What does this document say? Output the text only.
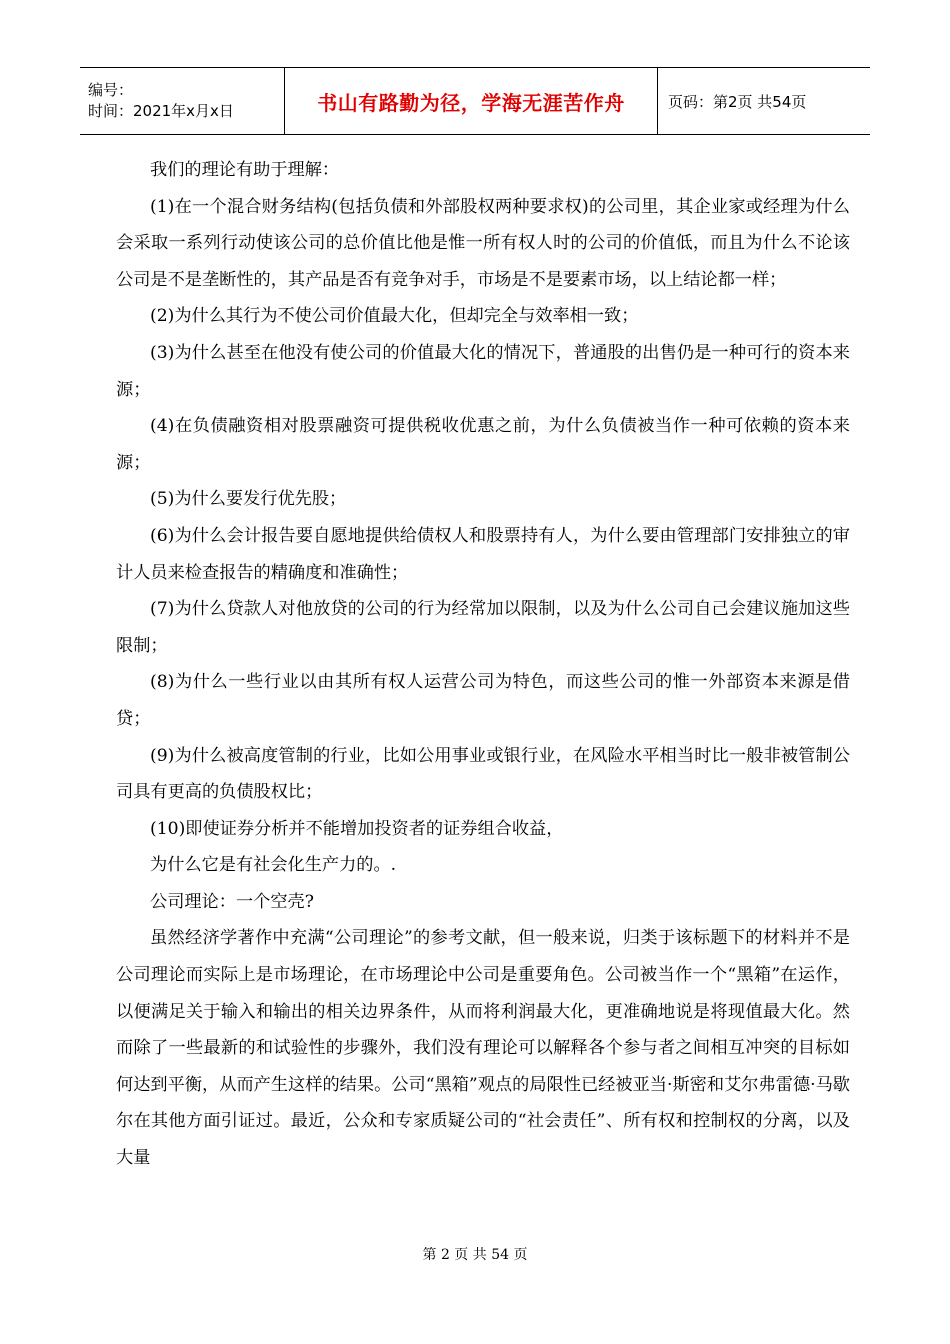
编号：
时间：2021年x月x日	书山有路勤为径，学海无涯苦作舟	页码：第2页 共54页

我们的理论有助于理解：

(1)在一个混合财务结构(包括负债和外部股权两种要求权)的公司里，其企业家或经理为什么会采取一系列行动使该公司的总价值比他是惟一所有权人时的公司的价值低，而且为什么不论该公司是不是垄断性的，其产品是否有竞争对手，市场是不是要素市场，以上结论都一样；

(2)为什么其行为不使公司价值最大化，但却完全与效率相一致；

(3)为什么甚至在他没有使公司的价值最大化的情况下，普通股的出售仍是一种可行的资本来源；

(4)在负债融资相对股票融资可提供税收优惠之前，为什么负债被当作一种可依赖的资本来源；

(5)为什么要发行优先股；

(6)为什么会计报告要自愿地提供给债权人和股票持有人，为什么要由管理部门安排独立的审计人员来检查报告的精确度和准确性；

(7)为什么贷款人对他放贷的公司的行为经常加以限制，以及为什么公司自己会建议施加这些限制；

(8)为什么一些行业以由其所有权人运营公司为特色，而这些公司的惟一外部资本来源是借贷；

(9)为什么被高度管制的行业，比如公用事业或银行业，在风险水平相当时比一般非被管制公司具有更高的负债股权比；

(10)即使证券分析并不能增加投资者的证券组合收益，

为什么它是有社会化生产力的。.

公司理论：一个空壳?

虽然经济学著作中充满“公司理论”的参考文献，但一般来说，归类于该标题下的材料并不是公司理论而实际上是市场理论，在市场理论中公司是重要角色。公司被当作一个“黑箱”在运作，以便满足关于输入和输出的相关边界条件，从而将利润最大化，更准确地说是将现值最大化。然而除了一些最新的和试验性的步骤外，我们没有理论可以解释各个参与者之间相互冲突的目标如何达到平衡，从而产生这样的结果。公司“黑箱”观点的局限性已经被亚当·斯密和艾尔弗雷德·马歇尔在其他方面引证过。最近，公众和专家质疑公司的“社会责任”、所有权和控制权的分离，以及大量

第 2 页 共 54 页
